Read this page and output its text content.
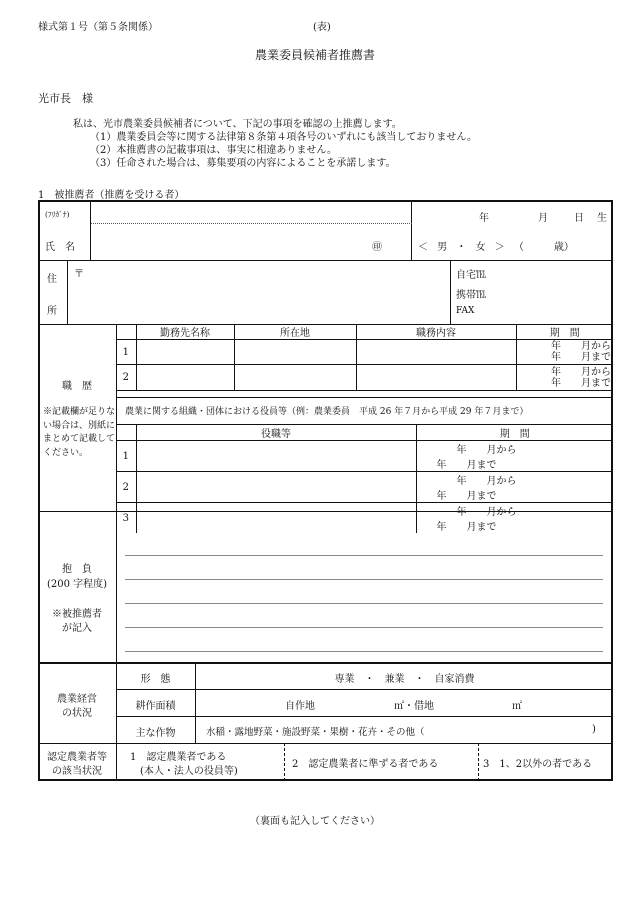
様式第１号（第５条関係）	(表)
農業委員候補者推薦書
光市長　様
私は、光市農業委員候補者について、下記の事項を確認の上推薦します。
（1）農業委員会等に関する法律第８条第４項各号のいずれにも該当しておりません。
（2）本推薦書の記載事項は、事実に相違ありません。
（3）任命された場合は、募集要項の内容によることを承諾します。
1　被推薦者（推薦を受ける者）
(ﾌﾘｶﾞﾅ)
氏　名	㊞
年	月	日 生
＜ 男 ・ 女 ＞ （　　　歳）
住
所
〒	自宅℡
携帯℡
FAX
職　歴
※記載欄が足りない場合は、別紙にまとめて記載してください。
	勤務先名称	所在地	職務内容	期　間
1				年　　月から
年　　月まで

2				年　　月から
年　　月まで
農業に関する組織・団体における役員等（例：農業委員　平成 26 年７月から平成 29 年７月まで）
	役職等	期　間
1		年　　月から年　　月まで
2		年　　月から年　　月まで
3		年　　月から年　　月まで
抱　負
(200 字程度)
※被推薦者
が記入
農業経営
の状況
形　態	専業　・　兼業　・　自家消費
耕作面積	自作地	㎡・借地	㎡
主な作物	水稲・露地野菜・施設野菜・果樹・花卉・その他（	)
認定農業者等
の該当状況
1　認定農業者である
(本人・法人の役員等)
2　認定農業者に準ずる者である	3　1、2以外の者である
（裏面も記入してください）
